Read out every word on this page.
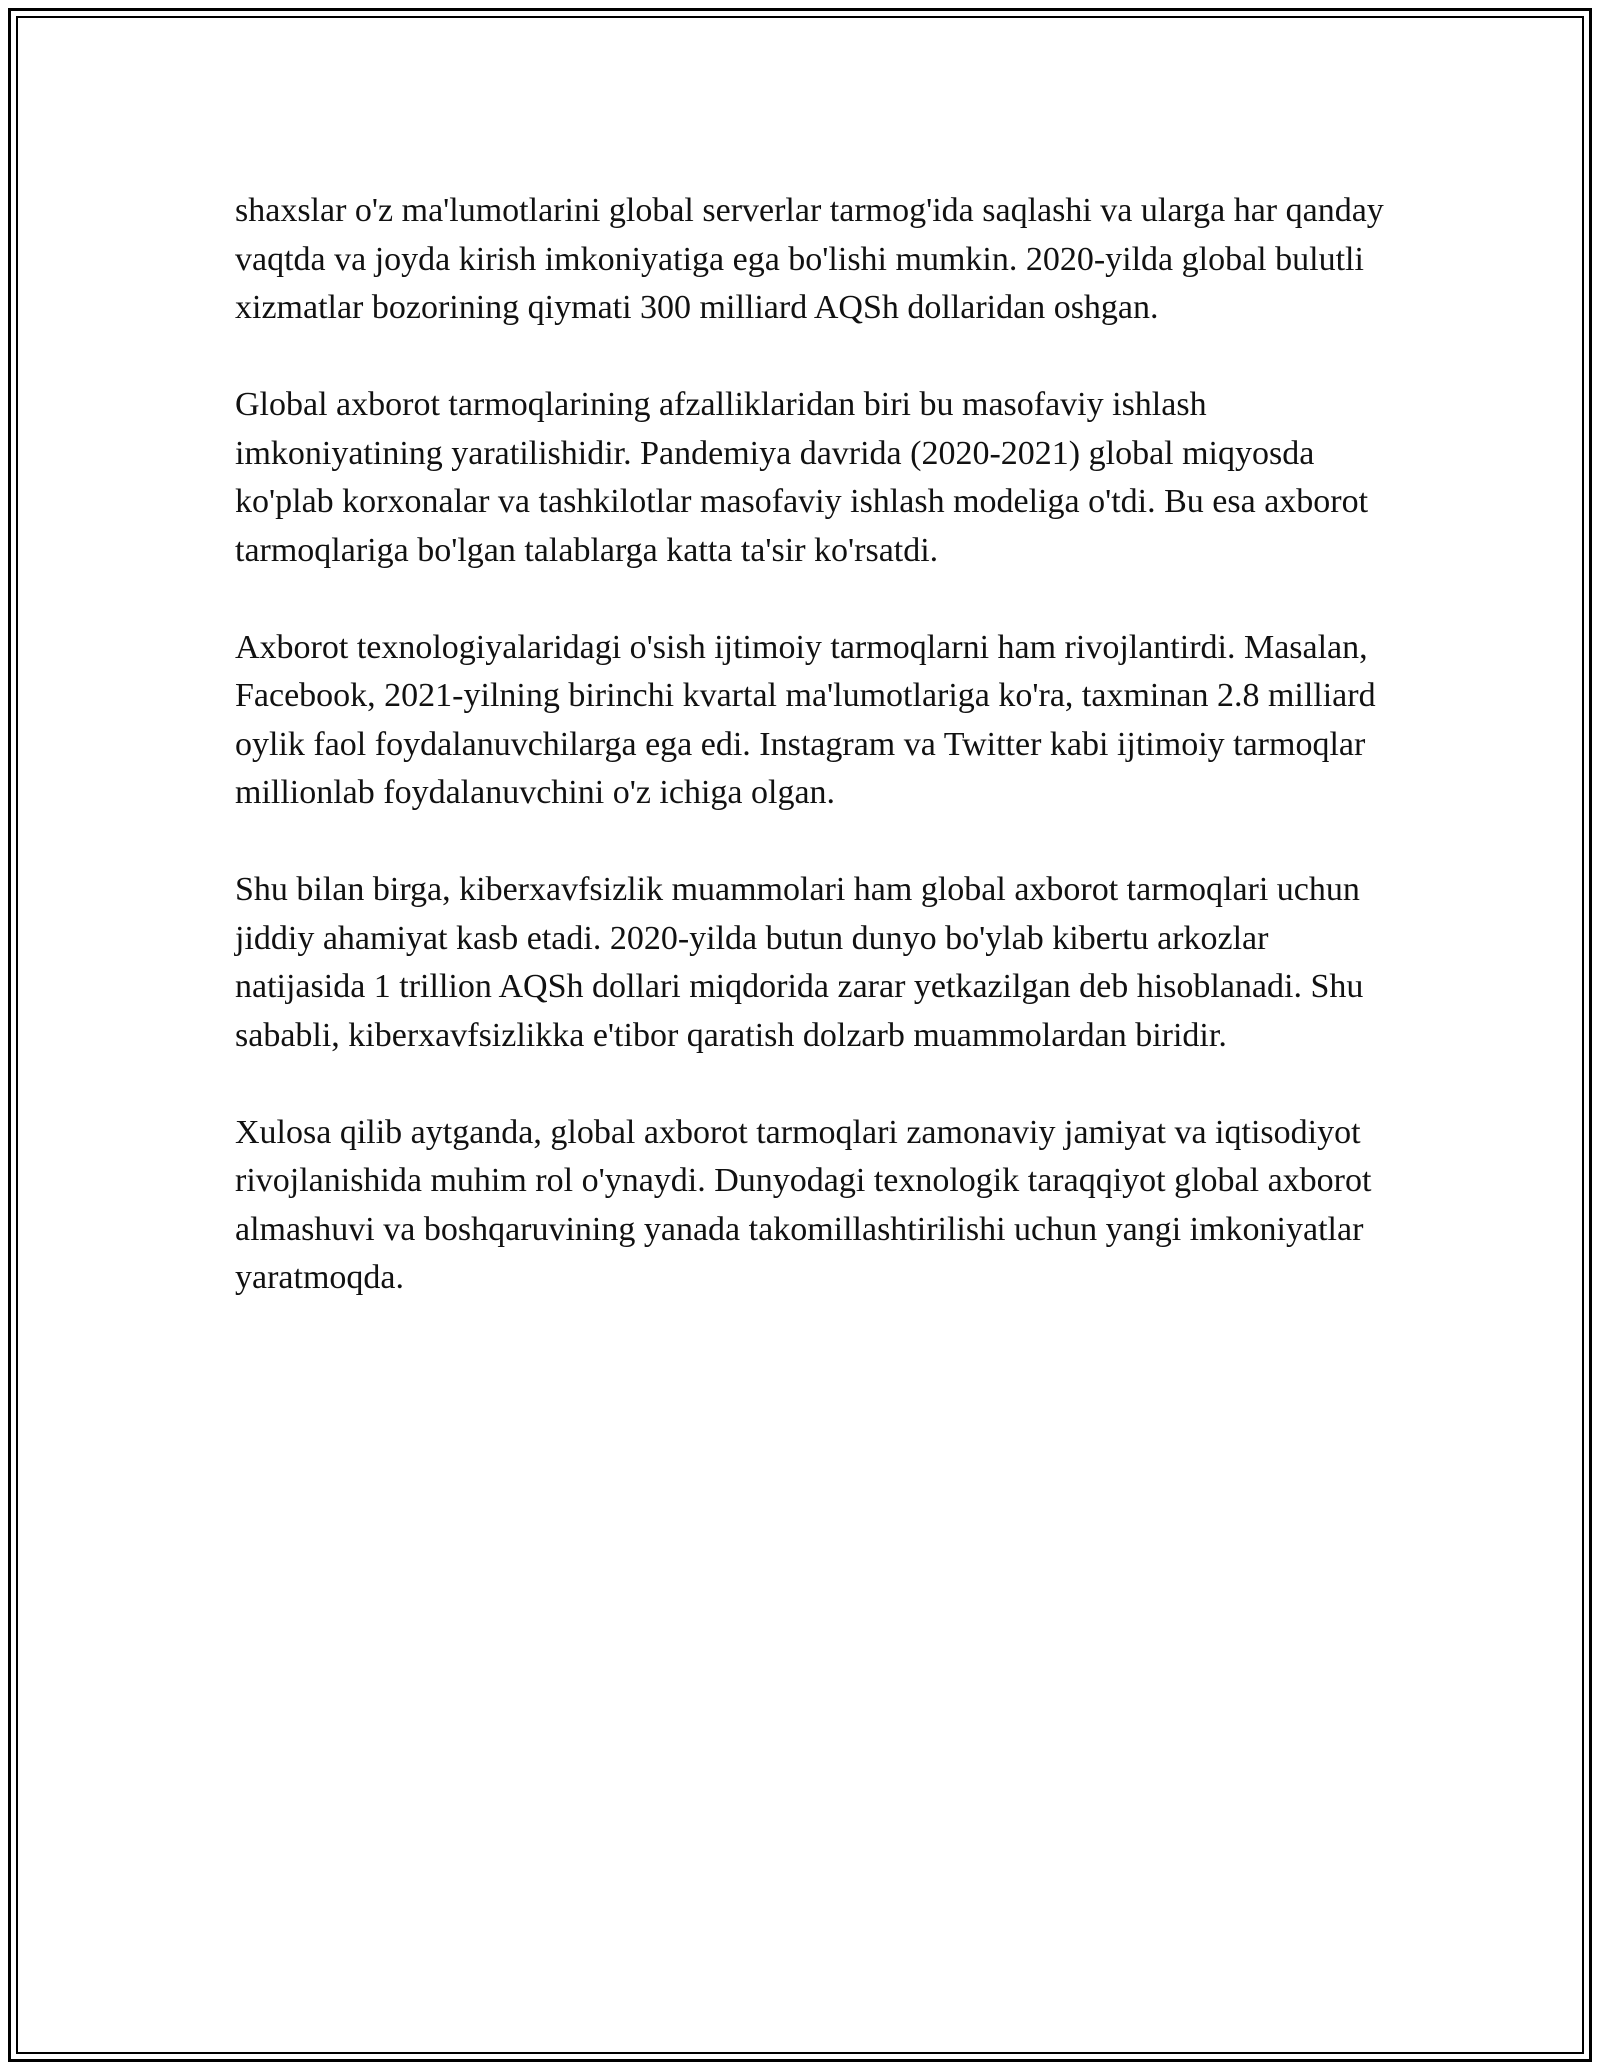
shaxslar o'z ma'lumotlarini global serverlar tarmog'ida saqlashi va ularga har qanday vaqtda va joyda kirish imkoniyatiga ega bo'lishi mumkin. 2020-yilda global bulutli xizmatlar bozorining qiymati 300 milliard AQSh dollaridan oshgan.

Global axborot tarmoqlarining afzalliklaridan biri bu masofaviy ishlash imkoniyatining yaratilishidir. Pandemiya davrida (2020-2021) global miqyosda ko'plab korxonalar va tashkilotlar masofaviy ishlash modeliga o'tdi. Bu esa axborot tarmoqlariga bo'lgan talablarga katta ta'sir ko'rsatdi.

Axborot texnologiyalaridagi o'sish ijtimoiy tarmoqlarni ham rivojlantirdi. Masalan, Facebook, 2021-yilning birinchi kvartal ma'lumotlariga ko'ra, taxminan 2.8 milliard oylik faol foydalanuvchilarga ega edi. Instagram va Twitter kabi ijtimoiy tarmoqlar millionlab foydalanuvchini o'z ichiga olgan.

Shu bilan birga, kiberxavfsizlik muammolari ham global axborot tarmoqlari uchun jiddiy ahamiyat kasb etadi. 2020-yilda butun dunyo bo'ylab kibertu arkozlar natijasida 1 trillion AQSh dollari miqdorida zarar yetkazilgan deb hisoblanadi. Shu sababli, kiberxavfsizlikka e'tibor qaratish dolzarb muammolardan biridir.

Xulosa qilib aytganda, global axborot tarmoqlari zamonaviy jamiyat va iqtisodiyot rivojlanishida muhim rol o'ynaydi. Dunyodagi texnologik taraqqiyot global axborot almashuvi va boshqaruvining yanada takomillashtirilishi uchun yangi imkoniyatlar yaratmoqda.
